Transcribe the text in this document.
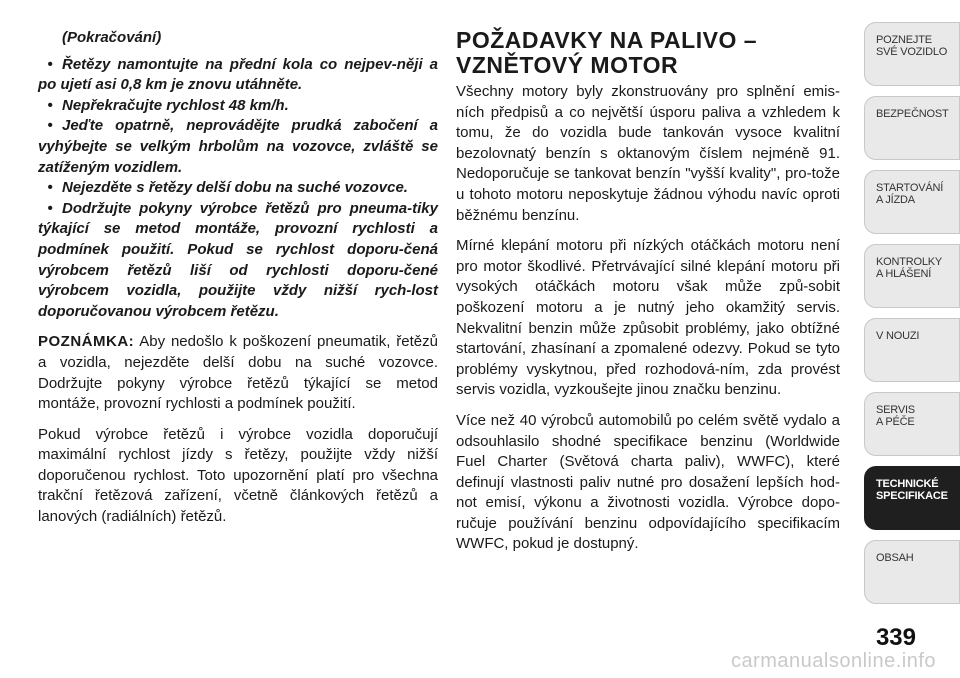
(Pokračování)
• Řetězy namontujte na přední kola co nejpev-něji a po ujetí asi 0,8 km je znovu utáhněte.
• Nepřekračujte rychlost 48 km/h.
• Jeďte opatrně, neprovádějte prudká zabočení a vyhýbejte se velkým hrbolům na vozovce, zvláště se zatíženým vozidlem.
• Nejezděte s řetězy delší dobu na suché vozovce.
• Dodržujte pokyny výrobce řetězů pro pneuma-tiky týkající se metod montáže, provozní rychlosti a podmínek použití. Pokud se rychlost doporu-čená výrobcem řetězů liší od rychlosti doporu-čené výrobcem vozidla, použijte vždy nižší rych-lost doporučovanou výrobcem řetězu.

POZNÁMKA: Aby nedošlo k poškození pneumatik, řetězů a vozidla, nejezděte delší dobu na suché vozovce. Dodržujte pokyny výrobce řetězů týkající se metod montáže, provozní rychlosti a podmínek použití.

Pokud výrobce řetězů i výrobce vozidla doporučují maximální rychlost jízdy s řetězy, použijte vždy nižší doporučenou rychlost. Toto upozornění platí pro všechna trakční řetězová zařízení, včetně článkových řetězů a lanových (radiálních) řetězů.

POŽADAVKY NA PALIVO –
VZNĚTOVÝ MOTOR

Všechny motory byly zkonstruovány pro splnění emis-ních předpisů a co největší úsporu paliva a vzhledem k tomu, že do vozidla bude tankován vysoce kvalitní bezolovnatý benzín s oktanovým číslem nejméně 91. Nedoporučuje se tankovat benzín "vyšší kvality", pro-tože u tohoto motoru neposkytuje žádnou výhodu navíc oproti běžnému benzínu.

Mírné klepání motoru při nízkých otáčkách motoru není pro motor škodlivé. Přetrvávající silné klepání motoru při vysokých otáčkách motoru však může způ-sobit poškození motoru a je nutný jeho okamžitý servis. Nekvalitní benzin může způsobit problémy, jako obtížné startování, zhasínaní a zpomalené odezvy. Pokud se tyto problémy vyskytnou, před rozhodová-ním, zda provést servis vozidla, vyzkoušejte jinou značku benzinu.

Více než 40 výrobců automobilů po celém světě vydalo a odsouhlasilo shodné specifikace benzinu (Worldwide Fuel Charter (Světová charta paliv), WWFC), které definují vlastnosti paliv nutné pro dosažení lepších hod-not emisí, výkonu a životnosti vozidla. Výrobce dopo-ručuje používání benzinu odpovídajícího specifikacím WWFC, pokud je dostupný.

POZNEJTE
SVÉ VOZIDLO
BEZPEČNOST

STARTOVÁNÍ
A JÍZDA
KONTROLKY
A HLÁŠENÍ
V NOUZI

SERVIS
A PÉČE
TECHNICKÉ
SPECIFIKACE
OBSAH

339
carmanualsonline.info
